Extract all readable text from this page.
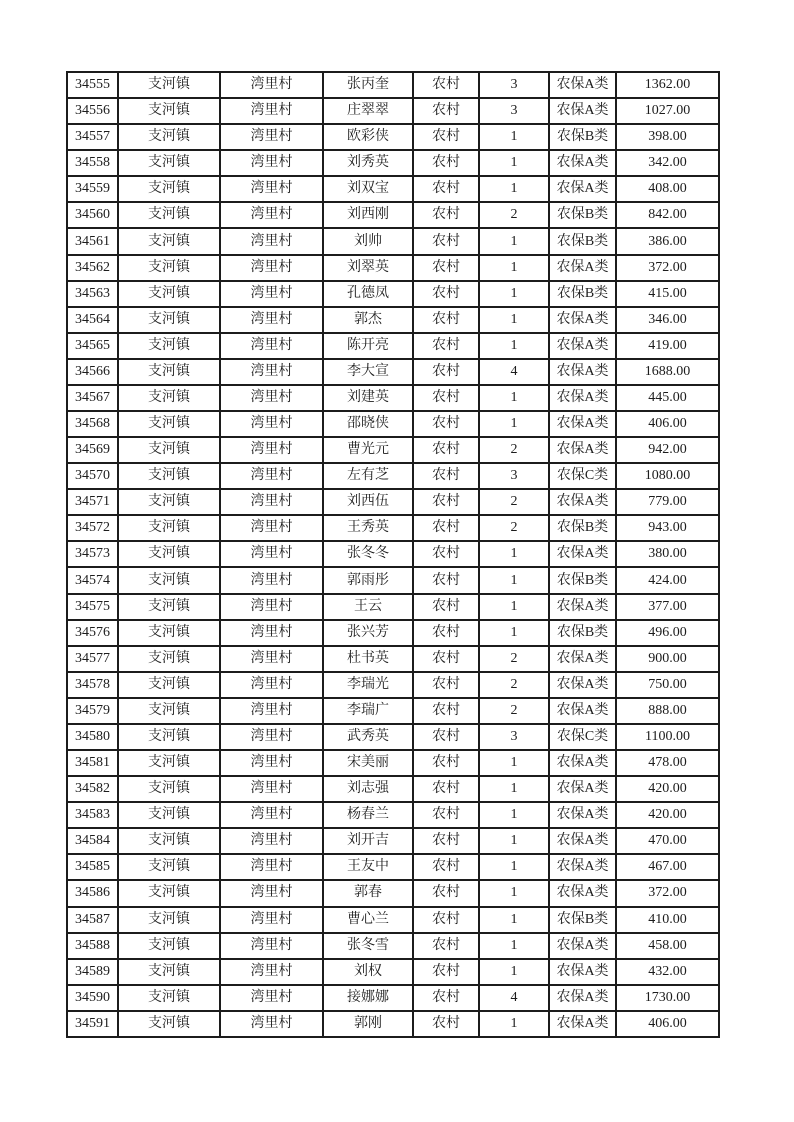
34555	支河镇	湾里村	张丙奎	农村	3	农保A类	1362.00
34556	支河镇	湾里村	庄翠翠	农村	3	农保A类	1027.00
34557	支河镇	湾里村	欧彩侠	农村	1	农保B类	398.00
34558	支河镇	湾里村	刘秀英	农村	1	农保A类	342.00
34559	支河镇	湾里村	刘双宝	农村	1	农保A类	408.00
34560	支河镇	湾里村	刘西刚	农村	2	农保B类	842.00
34561	支河镇	湾里村	刘帅	农村	1	农保B类	386.00
34562	支河镇	湾里村	刘翠英	农村	1	农保A类	372.00
34563	支河镇	湾里村	孔德凤	农村	1	农保B类	415.00
34564	支河镇	湾里村	郭杰	农村	1	农保A类	346.00
34565	支河镇	湾里村	陈开亮	农村	1	农保A类	419.00
34566	支河镇	湾里村	李大宣	农村	4	农保A类	1688.00
34567	支河镇	湾里村	刘建英	农村	1	农保A类	445.00
34568	支河镇	湾里村	邵晓侠	农村	1	农保A类	406.00
34569	支河镇	湾里村	曹光元	农村	2	农保A类	942.00
34570	支河镇	湾里村	左有芝	农村	3	农保C类	1080.00
34571	支河镇	湾里村	刘西伍	农村	2	农保A类	779.00
34572	支河镇	湾里村	王秀英	农村	2	农保B类	943.00
34573	支河镇	湾里村	张冬冬	农村	1	农保A类	380.00
34574	支河镇	湾里村	郭雨彤	农村	1	农保B类	424.00
34575	支河镇	湾里村	王云	农村	1	农保A类	377.00
34576	支河镇	湾里村	张兴芳	农村	1	农保B类	496.00
34577	支河镇	湾里村	杜书英	农村	2	农保A类	900.00
34578	支河镇	湾里村	李瑞光	农村	2	农保A类	750.00
34579	支河镇	湾里村	李瑞广	农村	2	农保A类	888.00
34580	支河镇	湾里村	武秀英	农村	3	农保C类	1100.00
34581	支河镇	湾里村	宋美丽	农村	1	农保A类	478.00
34582	支河镇	湾里村	刘志强	农村	1	农保A类	420.00
34583	支河镇	湾里村	杨春兰	农村	1	农保A类	420.00
34584	支河镇	湾里村	刘开吉	农村	1	农保A类	470.00
34585	支河镇	湾里村	王友中	农村	1	农保A类	467.00
34586	支河镇	湾里村	郭春	农村	1	农保A类	372.00
34587	支河镇	湾里村	曹心兰	农村	1	农保B类	410.00
34588	支河镇	湾里村	张冬雪	农村	1	农保A类	458.00
34589	支河镇	湾里村	刘权	农村	1	农保A类	432.00
34590	支河镇	湾里村	接娜娜	农村	4	农保A类	1730.00
34591	支河镇	湾里村	郭刚	农村	1	农保A类	406.00
